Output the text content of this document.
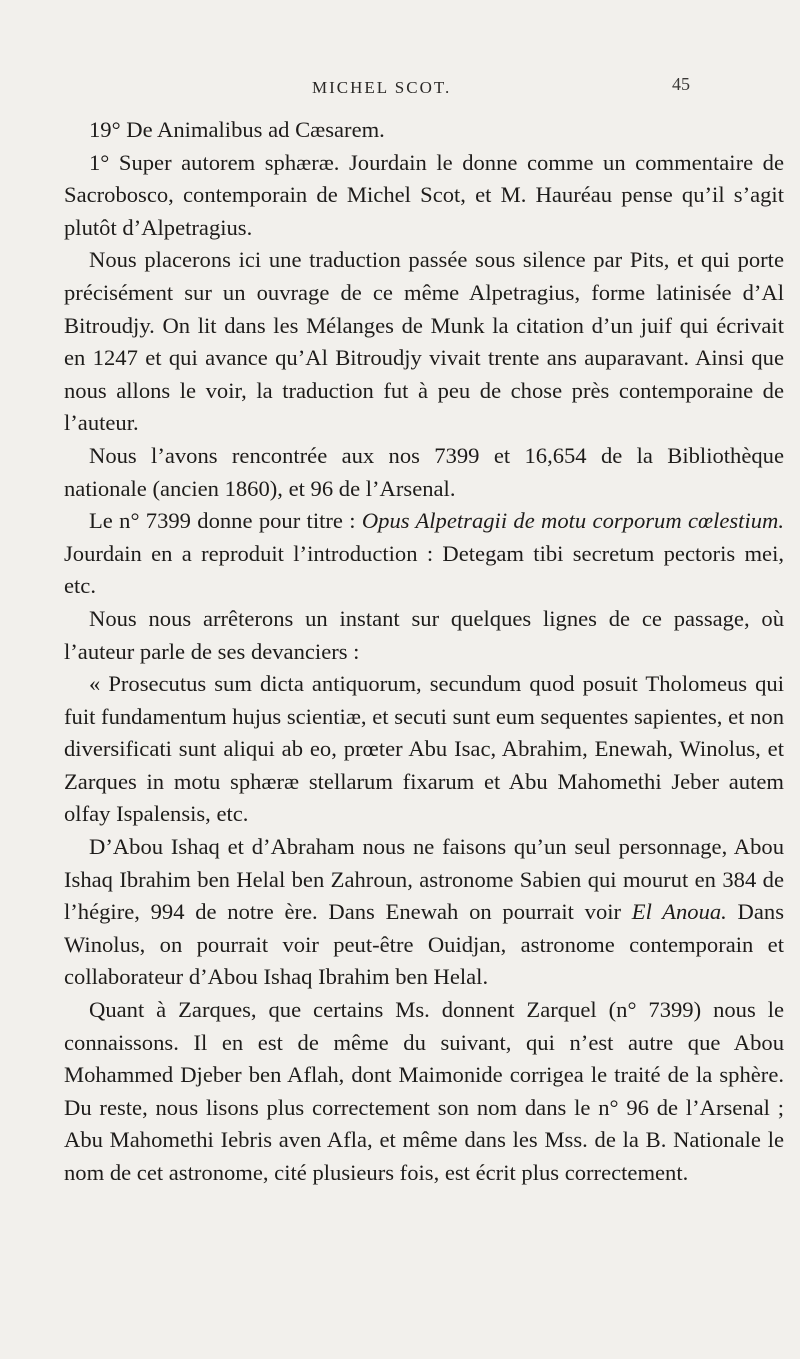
MICHEL SCOT.	45

19° De Animalibus ad Cæsarem.

1° Super autorem sphæræ. Jourdain le donne comme un commentaire de Sacrobosco, contemporain de Michel Scot, et M. Hauréau pense qu’il s’agit plutôt d’Alpetragius.

Nous placerons ici une traduction passée sous silence par Pits, et qui porte précisément sur un ouvrage de ce même Alpetragius, forme latinisée d’Al Bitroudjy. On lit dans les Mélanges de Munk la citation d’un juif qui écrivait en 1247 et qui avance qu’Al Bitroudjy vivait trente ans auparavant. Ainsi que nous allons le voir, la traduction fut à peu de chose près contemporaine de l’auteur.

Nous l’avons rencontrée aux nos 7399 et 16,654 de la Bibliothèque nationale (ancien 1860), et 96 de l’Arsenal.

Le n° 7399 donne pour titre : Opus Alpetragii de motu corporum cœlestium. Jourdain en a reproduit l’introduction : Detegam tibi secretum pectoris mei, etc.

Nous nous arrêterons un instant sur quelques lignes de ce passage, où l’auteur parle de ses devanciers :

« Prosecutus sum dicta antiquorum, secundum quod posuit Tholomeus qui fuit fundamentum hujus scientiæ, et secuti sunt eum sequentes sapientes, et non diversificati sunt aliqui ab eo, prœter Abu Isac, Abrahim, Enewah, Winolus, et Zarques in motu sphæræ stellarum fixarum et Abu Mahomethi Jeber autem olfay Ispalensis, etc.

D’Abou Ishaq et d’Abraham nous ne faisons qu’un seul personnage, Abou Ishaq Ibrahim ben Helal ben Zahroun, astronome Sabien qui mourut en 384 de l’hégire, 994 de notre ère. Dans Enewah on pourrait voir El Anoua. Dans Winolus, on pourrait voir peut-être Ouidjan, astronome contemporain et collaborateur d’Abou Ishaq Ibrahim ben Helal.

Quant à Zarques, que certains Ms. donnent Zarquel (n° 7399) nous le connaissons. Il en est de même du suivant, qui n’est autre que Abou Mohammed Djeber ben Aflah, dont Maimonide corrigea le traité de la sphère. Du reste, nous lisons plus correctement son nom dans le n° 96 de l’Arsenal ; Abu Mahomethi Iebris aven Afla, et même dans les Mss. de la B. Nationale le nom de cet astronome, cité plusieurs fois, est écrit plus correctement.
